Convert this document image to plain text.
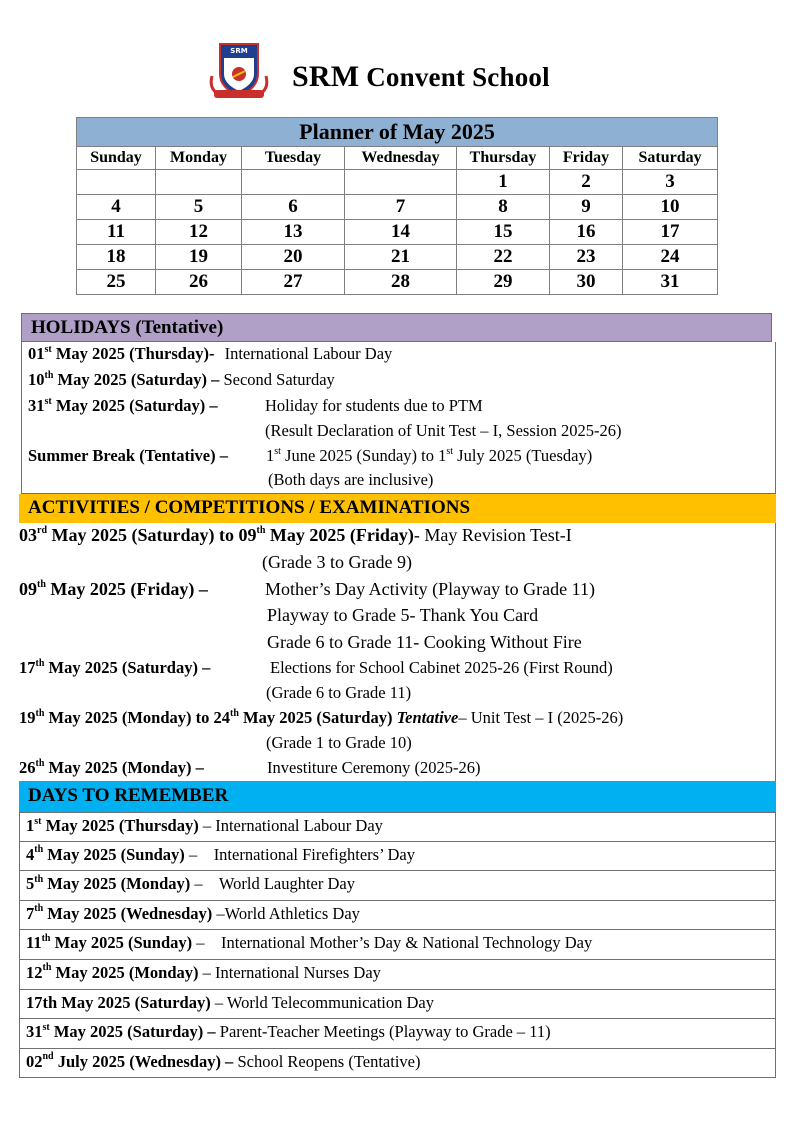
SRM
SRM Convent School
Planner of May 2025						
Sunday	Monday	Tuesday	Wednesday	Thursday	Friday	Saturday
				1	2	3
4	5	6	7	8	9	10
11	12	13	14	15	16	17
18	19	20	21	22	23	24
25	26	27	28	29	30	31
HOLIDAYS (Tentative)
01st May 2025 (Thursday)- International Labour Day
10th May 2025 (Saturday) – Second Saturday
31st May 2025 (Saturday) –	Holiday for students due to PTM
(Result Declaration of Unit Test – I, Session 2025-26)
Summer Break (Tentative) – 1st June 2025 (Sunday) to 1st July 2025 (Tuesday)
(Both days are inclusive)
ACTIVITIES / COMPETITIONS / EXAMINATIONS
03rd May 2025 (Saturday) to 09th May 2025 (Friday)- May Revision Test-I
(Grade 3 to Grade 9)
09th May 2025 (Friday) –	Mother’s Day Activity (Playway to Grade 11)
Playway to Grade 5- Thank You Card
Grade 6 to Grade 11- Cooking Without Fire
17th May 2025 (Saturday) –	Elections for School Cabinet 2025-26 (First Round)
(Grade 6 to Grade 11)
19th May 2025 (Monday) to 24th May 2025 (Saturday) Tentative– Unit Test – I (2025-26)
(Grade 1 to Grade 10)
26th May 2025 (Monday) –	Investiture Ceremony (2025-26)
DAYS TO REMEMBER
1st May 2025 (Thursday) – International Labour Day
4th May 2025 (Sunday) –    International Firefighters’ Day
5th May 2025 (Monday) –    World Laughter Day
7th May 2025 (Wednesday) –World Athletics Day
11th May 2025 (Sunday) –    International Mother’s Day & National Technology Day
12th May 2025 (Monday) – International Nurses Day
17th May 2025 (Saturday) – World Telecommunication Day
31st May 2025 (Saturday) – Parent-Teacher Meetings (Playway to Grade – 11)
02nd July 2025 (Wednesday) – School Reopens (Tentative)
